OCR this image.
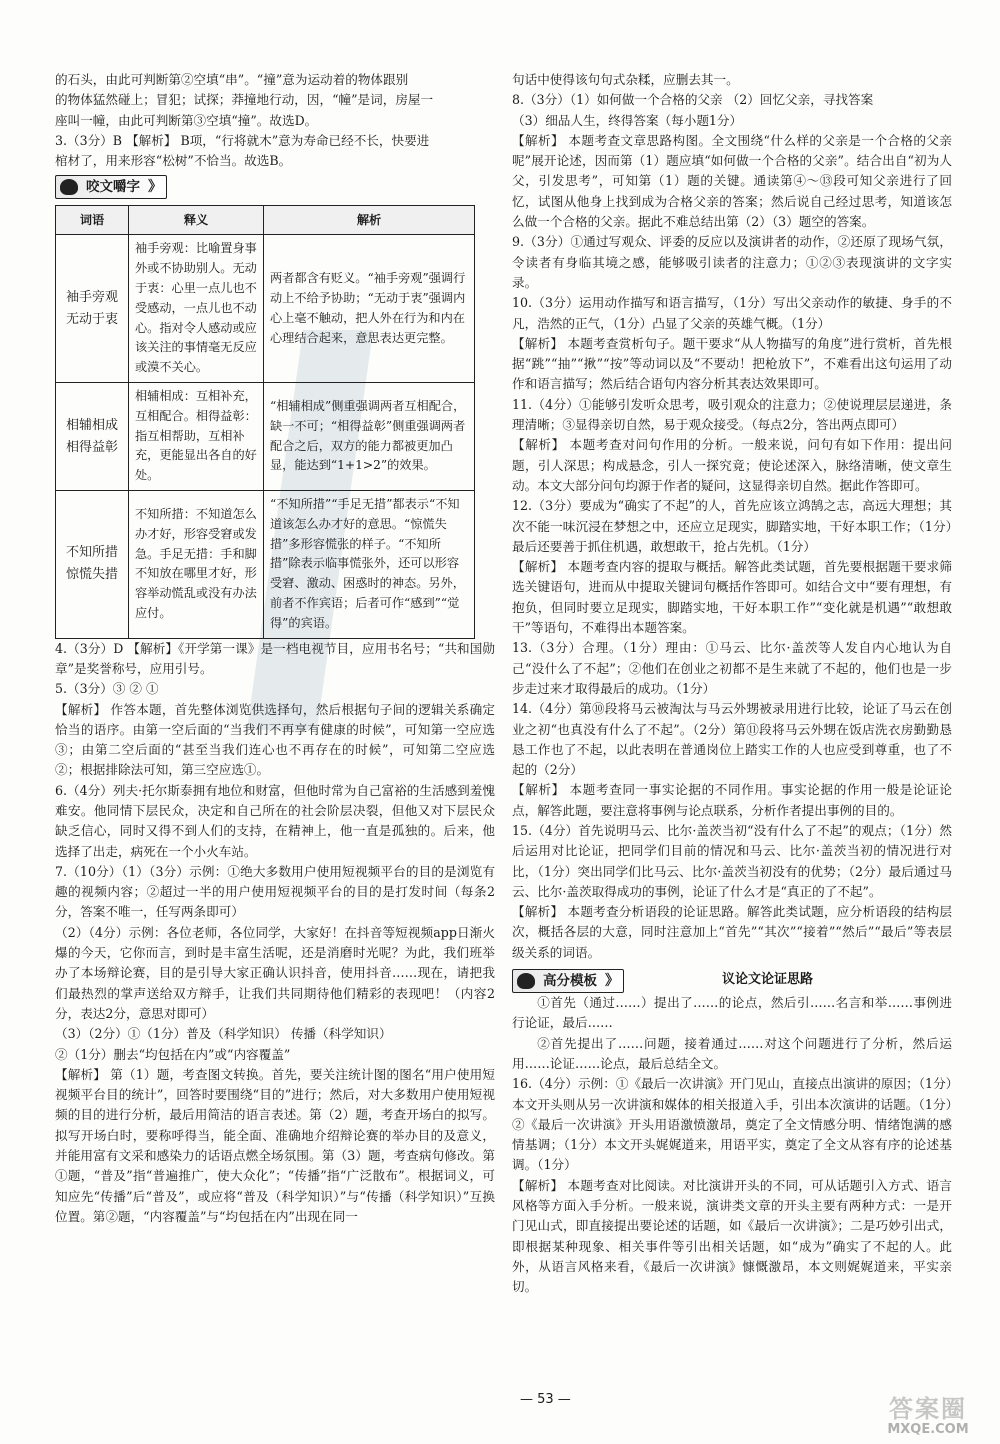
的石头，由此可判断第②空填“串”。“撞”意为运动着的物体跟别

的物体猛然碰上；冒犯；试探；莽撞地行动，因，“幢”是词，房屋一

座叫一幢，由此可判断第③空填“撞”。故选D。

3.（3分）B 【解析】 B项，“行将就木”意为寿命已经不长，快要进

棺材了，用来形容“松树”不恰当。故选B。

咬文嚼字 》
词语	释义	解析
袖手旁观 无动于衷	袖手旁观：比喻置身事外或不协助别人。无动于衷：心里一点儿也不受感动，一点儿也不动心。指对令人感动或应该关注的事情毫无反应或漠不关心。	两者都含有贬义。“袖手旁观”强调行动上不给予协助；“无动于衷”强调内心上毫不触动，把人外在行为和内在心理结合起来，意思表达更完整。
相辅相成 相得益彰	相辅相成：互相补充，互相配合。相得益彰：指互相帮助，互相补充，更能显出各自的好处。	“相辅相成”侧重强调两者互相配合，缺一不可；“相得益彰”侧重强调两者配合之后，双方的能力都被更加凸显，能达到“1+1>2”的效果。
不知所措 惊慌失措	不知所措：不知道怎么办才好，形容受窘或发急。手足无措：手和脚不知放在哪里才好，形容举动慌乱或没有办法应付。	“不知所措”“手足无措”都表示“不知道该怎么办才好的意思。“惊慌失措”多形容慌张的样子。“不知所措”除表示临事慌张外，还可以形容受窘、激动、困惑时的神态。另外，前者不作宾语；后者可作“感到”“觉得”的宾语。

4.（3分）D 【解析】《开学第一课》是一档电视节目，应用书名号；“共和国勋章”是奖誉称号，应用引号。

5.（3分）③ ② ①

【解析】 作答本题，首先整体浏览供选择句，然后根据句子间的逻辑关系确定恰当的语序。由第一空后面的“当我们不再享有健康的时候”，可知第一空应选③；由第二空后面的“甚至当我们连心也不再存在的时候”，可知第二空应选②；根据排除法可知，第三空应选①。

6.（4分）列夫·托尔斯泰拥有地位和财富，但他时常为自己富裕的生活感到羞愧难安。他同情下层民众，决定和自己所在的社会阶层决裂，但他又对下层民众缺乏信心，同时又得不到人们的支持，在精神上，他一直是孤独的。后来，他选择了出走，病死在一个小火车站。

7.（10分）（1）（3分）示例：①绝大多数用户使用短视频平台的目的是浏览有趣的视频内容；②超过一半的用户使用短视频平台的目的是打发时间（每条2分，答案不唯一，任写两条即可）

（2）（4分）示例：各位老师，各位同学，大家好！在抖音等短视频app日渐火爆的今天，它你而言，到时是丰富生活呢，还是消磨时光呢？为此，我们班举办了本场辩论赛，目的是引导大家正确认识抖音，使用抖音……现在，请把我们最热烈的掌声送给双方辩手，让我们共同期待他们精彩的表现吧！（内容2分，表达2分，意思对即可）

（3）（2分）①（1分）普及（科学知识） 传播（科学知识）

②（1分）删去“均包括在内”或“内容覆盖”

【解析】 第（1）题，考查图文转换。首先，要关注统计图的图名“用户使用短视频平台目的统计”，回答时要围绕“目的”进行；然后，对大多数用户使用短视频的目的进行分析，最后用简洁的语言表述。第（2）题，考查开场白的拟写。拟写开场白时，要称呼得当，能全面、准确地介绍辩论赛的举办目的及意义，并能用富有文采和感染力的话语点燃全场氛围。第（3）题，考查病句修改。第①题，“普及”指“普遍推广，使大众化”；“传播”指“广泛散布”。根据词义，可知应先“传播”后“普及”，或应将“普及（科学知识）”与“传播（科学知识）”互换位置。第②题，“内容覆盖”与“均包括在内”出现在同一

句话中使得该句句式杂糅，应删去其一。

8.（3分）（1）如何做一个合格的父亲 （2）回忆父亲，寻找答案

（3）细品人生，终得答案（每小题1分）

【解析】 本题考查文章思路构图。全文围绕“什么样的父亲是一个合格的父亲呢”展开论述，因而第（1）题应填“如何做一个合格的父亲”。结合出自“初为人父，引发思考”，可知第（1）题的关键。通读第④～⑬段可知父亲进行了回忆，试图从他身上找到成为合格父亲的答案；然后说自己经过思考，知道该怎么做一个合格的父亲。据此不难总结出第（2）（3）题空的答案。

9.（3分）①通过写观众、评委的反应以及演讲者的动作，②还原了现场气氛，令读者有身临其境之感，能够吸引读者的注意力；①②③表现演讲的文字实录。

10.（3分）运用动作描写和语言描写，（1分）写出父亲动作的敏捷、身手的不凡，浩然的正气，（1分）凸显了父亲的英雄气概。（1分）

【解析】 本题考查赏析句子。题干要求“从人物描写的角度”进行赏析，首先根据“跳”“抽”“揪”“按”等动词以及“不要动！把枪放下”，不难看出这句运用了动作和语言描写；然后结合语句内容分析其表达效果即可。

11.（4分）①能够引发听众思考，吸引观众的注意力；②使说理层层递进，条理清晰；③显得亲切自然，易于观众接受。（每点2分，答出两点即可）

【解析】 本题考查对问句作用的分析。一般来说，问句有如下作用：提出问题，引人深思；构成悬念，引人一探究竟；使论述深入，脉络清晰，使文章生动。本文大部分问句均源于作者的疑问，这显得亲切自然。据此作答即可。

12.（3分）要成为“确实了不起”的人，首先应该立鸿鹄之志，高远大理想；其次不能一味沉浸在梦想之中，还应立足现实，脚踏实地，干好本职工作；（1分）最后还要善于抓住机遇，敢想敢干，抢占先机。（1分）

【解析】 本题考查内容的提取与概括。解答此类试题，首先要根据题干要求筛选关键语句，进而从中提取关键词句概括作答即可。如结合文中“要有理想，有抱负，但同时要立足现实，脚踏实地，干好本职工作”“变化就是机遇”“敢想敢干”等语句，不难得出本题答案。

13.（3分）合理。（1分）理由：①马云、比尔·盖茨等人发自内心地认为自己“没什么了不起”；②他们在创业之初都不是生来就了不起的，他们也是一步步走过来才取得最后的成功。（1分）

14.（4分）第⑩段将马云被淘汰与马云外甥被录用进行比较，论证了马云在创业之初“也真没有什么了不起”。（2分）第⑪段将马云外甥在饭店洗衣房勤勤恳恳工作也了不起，以此表明在普通岗位上踏实工作的人也应受到尊重，也了不起的（2分）

【解析】 本题考查同一事实论据的不同作用。事实论据的作用一般是论证论点，解答此题，要注意将事例与论点联系，分析作者提出事例的目的。

15.（4分）首先说明马云、比尔·盖茨当初“没有什么了不起”的观点；（1分）然后运用对比论证，把同学们目前的情况和马云、比尔·盖茨当初的情况进行对比，（1分）突出同学们比马云、比尔·盖茨当初没有的优势；（2分）最后通过马云、比尔·盖茨取得成功的事例，论证了什么才是“真正的了不起”。

【解析】 本题考查分析语段的论证思路。解答此类试题，应分析语段的结构层次，概括各层的大意，同时注意加上“首先”“其次”“接着”“然后”“最后”等表层级关系的词语。

高分模板 》	议论文论证思路

①首先（通过……）提出了……的论点，然后引……名言和举……事例进行论证，最后……

②首先提出了……问题，接着通过……对这个问题进行了分析，然后运用……论证……论点，最后总结全文。

16.（4分）示例：①《最后一次讲演》开门见山，直接点出演讲的原因；（1分）本文开头则从另一次讲演和媒体的相关报道入手，引出本次演讲的话题。（1分）②《最后一次讲演》开头用语激愤激昂，奠定了全文情感分明、情绪饱满的感情基调；（1分）本文开头娓娓道来，用语平实，奠定了全文从容有序的论述基调。（1分）

【解析】 本题考查对比阅读。对比演讲开头的不同，可从话题引入方式、语言风格等方面入手分析。一般来说，演讲类文章的开头主要有两种方式：一是开门见山式，即直接提出要论述的话题，如《最后一次讲演》；二是巧妙引出式，即根据某种现象、相关事件等引出相关话题，如“成为”确实了不起的人。此外，从语言风格来看，《最后一次讲演》慷慨激昂，本文则娓娓道来，平实亲切。

— 53 —	答案圈
MXQE.COM
